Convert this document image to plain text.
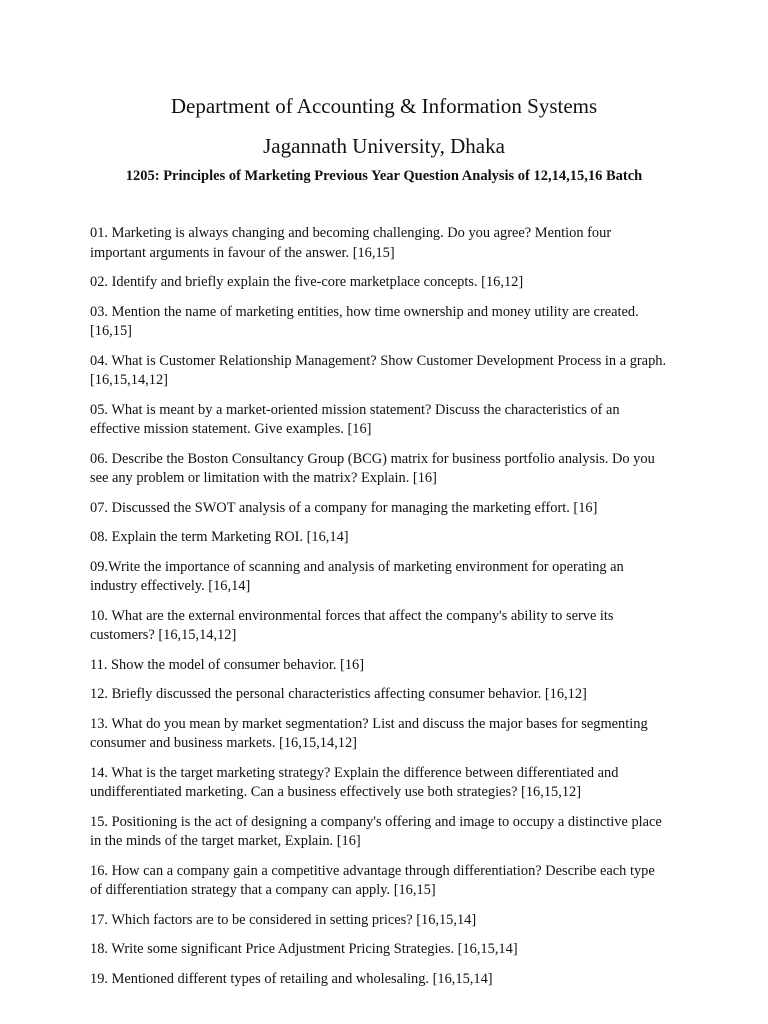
Department of Accounting & Information Systems
Jagannath University, Dhaka
1205: Principles of Marketing Previous Year Question Analysis of 12,14,15,16 Batch
01. Marketing is always changing and becoming challenging. Do you agree? Mention four important arguments in favour of the answer. [16,15]
02. Identify and briefly explain the five-core marketplace concepts. [16,12]
03. Mention the name of marketing entities, how time ownership and money utility are created. [16,15]
04. What is Customer Relationship Management? Show Customer Development Process in a graph. [16,15,14,12]
05. What is meant by a market-oriented mission statement? Discuss the characteristics of an effective mission statement. Give examples. [16]
06. Describe the Boston Consultancy Group (BCG) matrix for business portfolio analysis. Do you see any problem or limitation with the matrix? Explain. [16]
07. Discussed the SWOT analysis of a company for managing the marketing effort. [16]
08. Explain the term Marketing ROI. [16,14]
09.Write the importance of scanning and analysis of marketing environment for operating an industry effectively. [16,14]
10. What are the external environmental forces that affect the company's ability to serve its customers? [16,15,14,12]
11. Show the model of consumer behavior. [16]
12. Briefly discussed the personal characteristics affecting consumer behavior. [16,12]
13. What do you mean by market segmentation? List and discuss the major bases for segmenting consumer and business markets. [16,15,14,12]
14. What is the target marketing strategy? Explain the difference between differentiated and undifferentiated marketing. Can a business effectively use both strategies? [16,15,12]
15. Positioning is the act of designing a company's offering and image to occupy a distinctive place in the minds of the target market, Explain. [16]
16. How can a company gain a competitive advantage through differentiation? Describe each type of differentiation strategy that a company can apply. [16,15]
17. Which factors are to be considered in setting prices? [16,15,14]
18. Write some significant Price Adjustment Pricing Strategies. [16,15,14]
19. Mentioned different types of retailing and wholesaling. [16,15,14]
